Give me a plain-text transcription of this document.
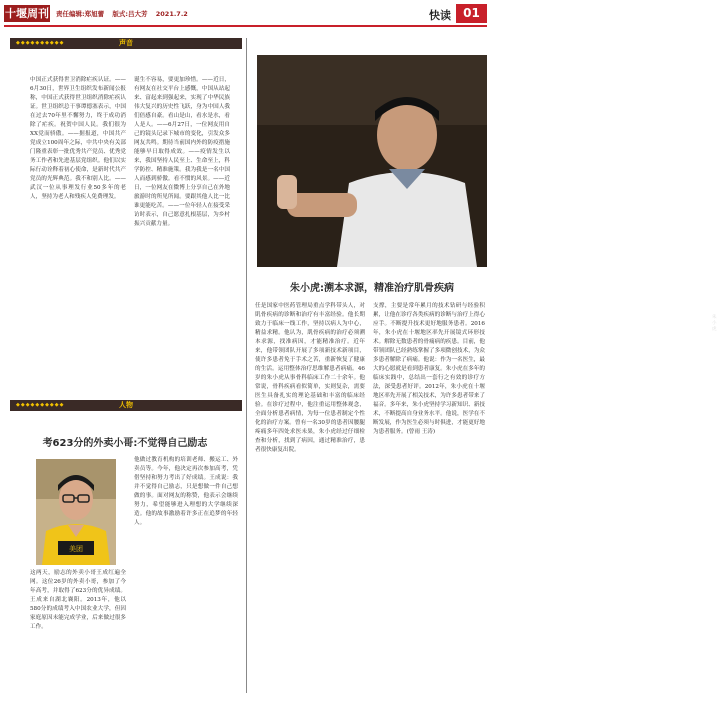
十堰周刊 责任编辑:郑旭蕾 版式:吕大芳 2021.7.2	快读	01
◆◆◆◆◆◆◆◆◆◆	声音

中国正式获得世卫消除疟疾认证。——6月30日，世界卫生组织发布新闻公报称，中国正式获得世卫组织消除疟疾认证。世卫组织总干事谭德塞表示，中国在过去70年里不懈努力，终于成功消除了疟疾。祝贺中国人民。我们很为XX党而骄傲。——据报道，中国共产党成立100周年之际，中共中央有关部门隆重表彰一批优秀共产党员、优秀党务工作者和先进基层党组织。他们以实际行动诠释着初心使命，是新时代共产党员的光辉典范。我不和别人比。——武汉一位从事理发行业50多年的老人，坚持为老人和残疾人免费理发。

诞生不容易，要更加珍惜。——近日，有网友在社交平台上感慨，中国从站起来、富起来到强起来，实现了中华民族伟大复兴的历史性飞跃，身为中国人我们倍感自豪。看山是山，看水是水，看人是人。——6月27日，一位网友用自己的镜头记录下城市的变化，引发众多网友共鸣。期待当前国内外的防疫措施能够早日取得成效。——疫情发生以来，我国坚持人民至上、生命至上，科学防控、精准施策。我为我是一名中国人而感到骄傲。看不惯的风景。——近日，一位网友在微博上分享自己在外地旅游时的所见所闻。要跟其他人比一比谁更能吃苦。——一位年轻人在接受采访时表示，自己愿意扎根基层，为乡村振兴贡献力量。

◆◆◆◆◆◆◆◆◆◆	人物
考623分的外卖小哥:不觉得自己励志
美团

这两天，励志的外卖小哥王成红遍全网。这位26岁的外卖小哥，参加了今年高考，并取得了623分的优异成绩。王成来自湖北襄阳。2013年，他以580分的成绩考入中国农业大学，但因家庭原因未能完成学业，后来做过很多工作。

他做过教育机构的培训老师、搬运工、外卖员等。今年，他决定再次参加高考，凭借坚持和努力考出了好成绩。王成说：我并不觉得自己励志，只是想做一件自己想做的事。面对网友的称赞，他表示会继续努力，希望能够进入理想的大学继续深造。他的故事激励着许多正在追梦的年轻人。

朱小虎
朱小虎:溯本求源，精准治疗肌骨疾病

任是国家中医药管理局重点学科带头人，对肌骨疾病的诊断和治疗有丰富经验。他长期致力于临床一线工作，坚持以病人为中心，精益求精。他认为，肌骨疾病的治疗必须溯本求源，找准病因，才能精准治疗。近年来，他带领团队开展了多项新技术新项目，使许多患者免于手术之苦，重新恢复了健康的生活。运用整体治疗思维解患者病痛。46岁的朱小虎从事骨科临床工作二十余年。他常说，骨科疾病看似简单，实则复杂，需要医生具备扎实的理论基础和丰富的临床经验。在诊疗过程中，他注重运用整体观念，全面分析患者病情，为每一位患者制定个性化的治疗方案。曾有一名30岁的患者因腰腿疼痛多年四处求医未果，朱小虎经过仔细检查和分析，找到了病因，通过精准治疗，患者很快康复出院。

支撑，主要是常年累月的技术钻研与经验积累，让他在诊疗各类疾病的诊断与治疗上得心应手。不断提升技术更好地服务患者。2016年，朱小虎在十堰地区率先开展镜式环形技术。解除无数患者的骨痛病的疾患。目前，他带领团队已经熟练掌握了多项微创技术，为众多患者解除了病痛。他说：作为一名医生，最大的心愿就是看到患者康复。朱小虎在多年的临床实践中，总结出一套行之有效的诊疗方法，深受患者好评。2012年，朱小虎在十堰地区率先开展了相关技术，为许多患者带来了福音。多年来，朱小虎坚持学习新知识、新技术，不断提高自身业务水平。他说，医学在不断发展，作为医生必须与时俱进，才能更好地为患者服务。(曾雨 王涛)
